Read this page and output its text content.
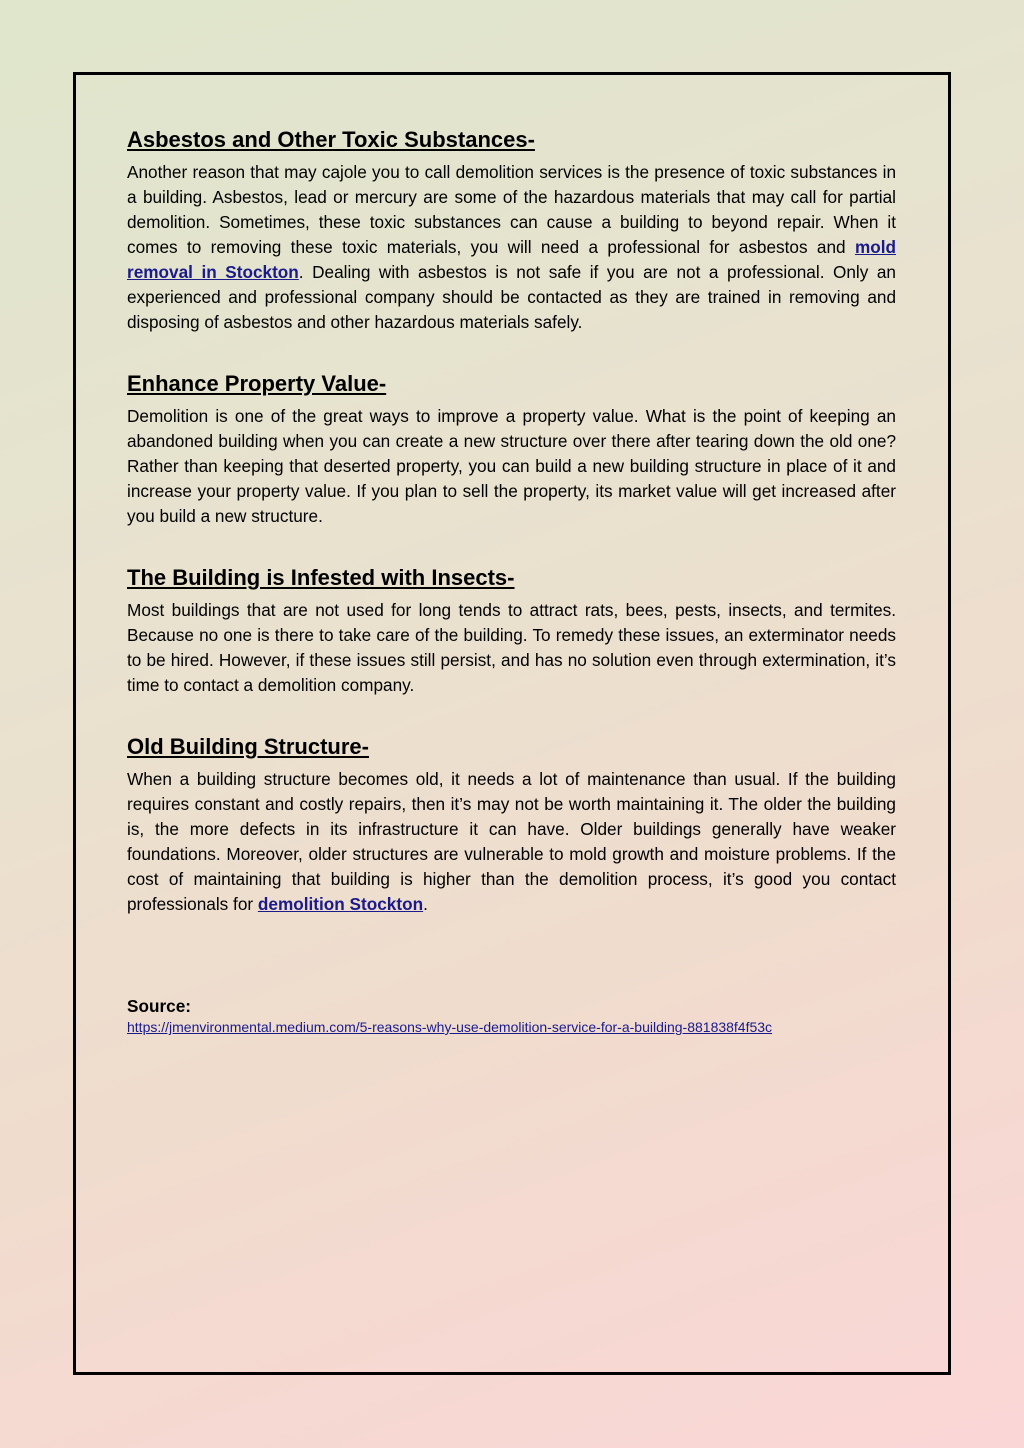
Asbestos and Other Toxic Substances-

Another reason that may cajole you to call demolition services is the presence of toxic substances in a building. Asbestos, lead or mercury are some of the hazardous materials that may call for partial demolition. Sometimes, these toxic substances can cause a building to beyond repair. When it comes to removing these toxic materials, you will need a professional for asbestos and mold removal in Stockton. Dealing with asbestos is not safe if you are not a professional. Only an experienced and professional company should be contacted as they are trained in removing and disposing of asbestos and other hazardous materials safely.

Enhance Property Value-

Demolition is one of the great ways to improve a property value. What is the point of keeping an abandoned building when you can create a new structure over there after tearing down the old one? Rather than keeping that deserted property, you can build a new building structure in place of it and increase your property value. If you plan to sell the property, its market value will get increased after you build a new structure.

The Building is Infested with Insects-

Most buildings that are not used for long tends to attract rats, bees, pests, insects, and termites. Because no one is there to take care of the building. To remedy these issues, an exterminator needs to be hired. However, if these issues still persist, and has no solution even through extermination, it’s time to contact a demolition company.

Old Building Structure-

When a building structure becomes old, it needs a lot of maintenance than usual. If the building requires constant and costly repairs, then it’s may not be worth maintaining it. The older the building is, the more defects in its infrastructure it can have. Older buildings generally have weaker foundations. Moreover, older structures are vulnerable to mold growth and moisture problems. If the cost of maintaining that building is higher than the demolition process, it’s good you contact professionals for demolition Stockton.

Source:

https://jmenvironmental.medium.com/5-reasons-why-use-demolition-service-for-a-building-881838f4f53c
